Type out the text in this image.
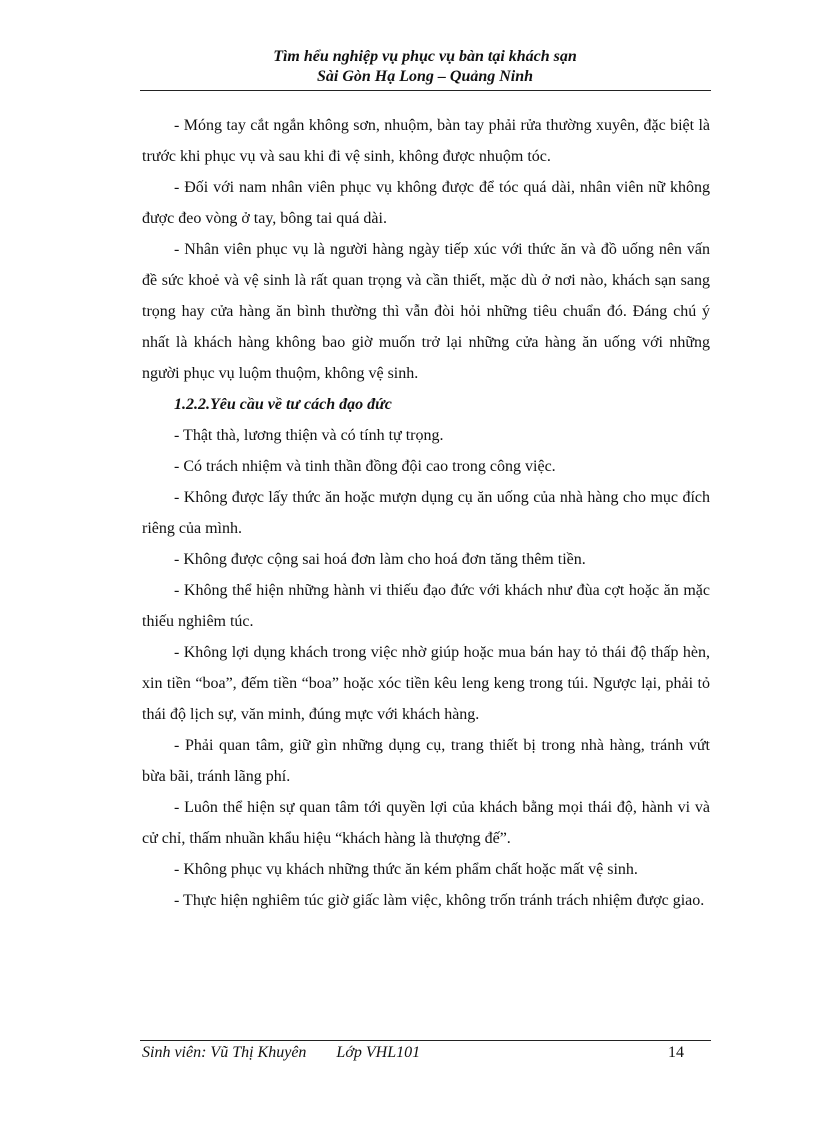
Tìm hểu nghiệp vụ phục vụ bàn tại khách sạn
Sài Gòn Hạ Long – Quảng Ninh

- Móng tay cắt ngắn không sơn, nhuộm, bàn tay phải rửa thường xuyên, đặc biệt là trước khi phục vụ và sau khi đi vệ sinh, không được nhuộm tóc.

- Đối với nam nhân viên phục vụ không được để tóc quá dài, nhân viên nữ không được đeo vòng ở tay, bông tai quá dài.

- Nhân viên phục vụ là người hàng ngày tiếp xúc với thức ăn và đồ uống nên vấn đề sức khoẻ và vệ sinh là rất quan trọng và cần thiết, mặc dù ở nơi nào, khách sạn sang trọng hay cửa hàng ăn bình thường thì vẫn đòi hỏi những tiêu chuẩn đó. Đáng chú ý nhất là khách hàng không bao giờ muốn trở lại những cửa hàng ăn uống với những người phục vụ luộm thuộm, không vệ sinh.

1.2.2.Yêu cầu về tư cách đạo đức

- Thật thà, lương thiện và có tính tự trọng.

- Có trách nhiệm và tinh thần đồng đội cao trong công việc.

- Không được lấy thức ăn hoặc mượn dụng cụ ăn uống của nhà hàng cho mục đích riêng của mình.

- Không được cộng sai hoá đơn làm cho hoá đơn tăng thêm tiền.

- Không thể hiện những hành vi thiếu đạo đức với khách như đùa cợt hoặc ăn mặc thiếu nghiêm túc.

- Không lợi dụng khách trong việc nhờ giúp hoặc mua bán hay tỏ thái độ thấp hèn, xin tiền “boa”, đếm tiền “boa” hoặc xóc tiền kêu leng keng trong túi. Ngược lại, phải tỏ thái độ lịch sự, văn minh, đúng mực với khách hàng.

- Phải quan tâm, giữ gìn những dụng cụ, trang thiết bị trong nhà hàng, tránh vứt bừa bãi, tránh lãng phí.

- Luôn thể hiện sự quan tâm tới quyền lợi của khách bằng mọi thái độ, hành vi và cử chỉ, thấm nhuần khẩu hiệu “khách hàng là thượng đế”.

- Không phục vụ khách những thức ăn kém phẩm chất hoặc mất vệ sinh.

- Thực hiện nghiêm túc giờ giấc làm việc, không trốn tránh trách nhiệm được giao.

Sinh viên: Vũ Thị Khuyên Lớp VHL101	14
